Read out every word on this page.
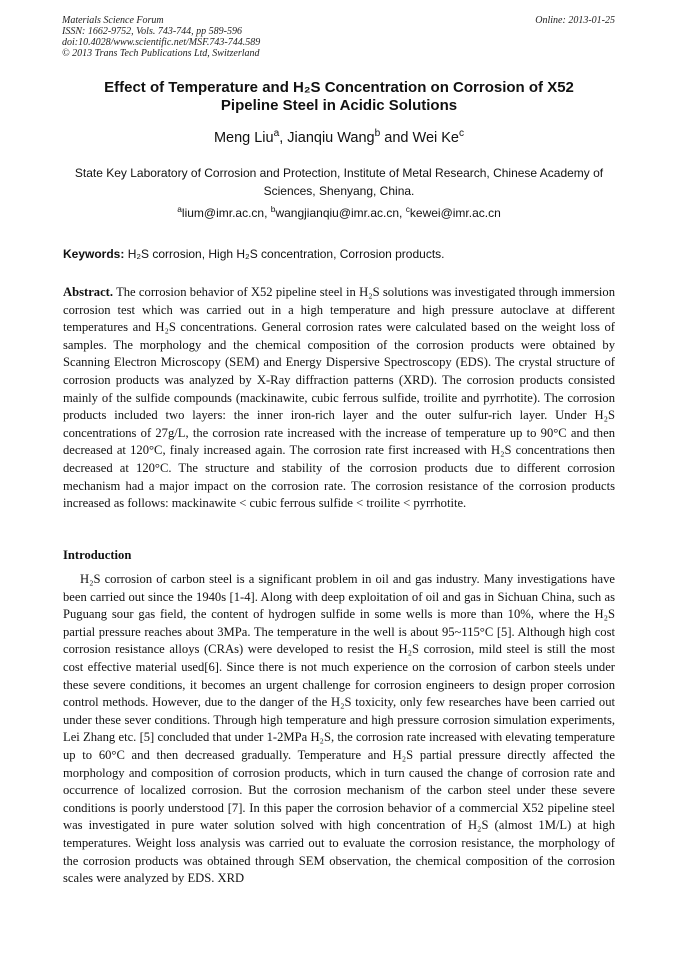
Materials Science Forum
ISSN: 1662-9752, Vols. 743-744, pp 589-596
doi:10.4028/www.scientific.net/MSF.743-744.589
© 2013 Trans Tech Publications Ltd, Switzerland
Online: 2013-01-25
Effect of Temperature and H₂S Concentration on Corrosion of X52
Pipeline Steel in Acidic Solutions
Meng Liu$^a$, Jianqiu Wang$^b$ and Wei Ke$^c$
State Key Laboratory of Corrosion and Protection, Institute of Metal Research, Chinese Academy of
Sciences, Shenyang, China.
$^a$lium@imr.ac.cn, $^b$wangjianqiu@imr.ac.cn, $^c$kewei@imr.ac.cn
Keywords: H₂S corrosion, High H₂S concentration, Corrosion products.
Abstract. The corrosion behavior of X52 pipeline steel in H₂S solutions was investigated through immersion corrosion test which was carried out in a high temperature and high pressure autoclave at different temperatures and H₂S concentrations. General corrosion rates were calculated based on the weight loss of samples. The morphology and the chemical composition of the corrosion products were obtained by Scanning Electron Microscopy (SEM) and Energy Dispersive Spectroscopy (EDS). The crystal structure of corrosion products was analyzed by X-Ray diffraction patterns (XRD). The corrosion products consisted mainly of the sulfide compounds (mackinawite, cubic ferrous sulfide, troilite and pyrrhotite). The corrosion products included two layers: the inner iron-rich layer and the outer sulfur-rich layer. Under H₂S concentrations of 27g/L, the corrosion rate increased with the increase of temperature up to 90°C and then decreased at 120°C, finaly increased again. The corrosion rate first increased with H₂S concentrations then decreased at 120°C. The structure and stability of the corrosion products due to different corrosion mechanism had a major impact on the corrosion rate. The corrosion resistance of the corrosion products increased as follows: mackinawite < cubic ferrous sulfide < troilite < pyrrhotite.
Introduction
H₂S corrosion of carbon steel is a significant problem in oil and gas industry. Many investigations have been carried out since the 1940s [1-4]. Along with deep exploitation of oil and gas in Sichuan China, such as Puguang sour gas field, the content of hydrogen sulfide in some wells is more than 10%, where the H₂S partial pressure reaches about 3MPa. The temperature in the well is about 95~115°C [5]. Although high cost corrosion resistance alloys (CRAs) were developed to resist the H₂S corrosion, mild steel is still the most cost effective material used[6]. Since there is not much experience on the corrosion of carbon steels under these severe conditions, it becomes an urgent challenge for corrosion engineers to design proper corrosion control methods. However, due to the danger of the H₂S toxicity, only few researches have been carried out under these sever conditions. Through high temperature and high pressure corrosion simulation experiments, Lei Zhang etc. [5] concluded that under 1-2MPa H₂S, the corrosion rate increased with elevating temperature up to 60°C and then decreased gradually. Temperature and H₂S partial pressure directly affected the morphology and composition of corrosion products, which in turn caused the change of corrosion rate and occurrence of localized corrosion. But the corrosion mechanism of the carbon steel under these severe conditions is poorly understood [7]. In this paper the corrosion behavior of a commercial X52 pipeline steel was investigated in pure water solution solved with high concentration of H₂S (almost 1M/L) at high temperatures. Weight loss analysis was carried out to evaluate the corrosion resistance, the morphology of the corrosion products was obtained through SEM observation, the chemical composition of the corrosion scales were analyzed by EDS. XRD
